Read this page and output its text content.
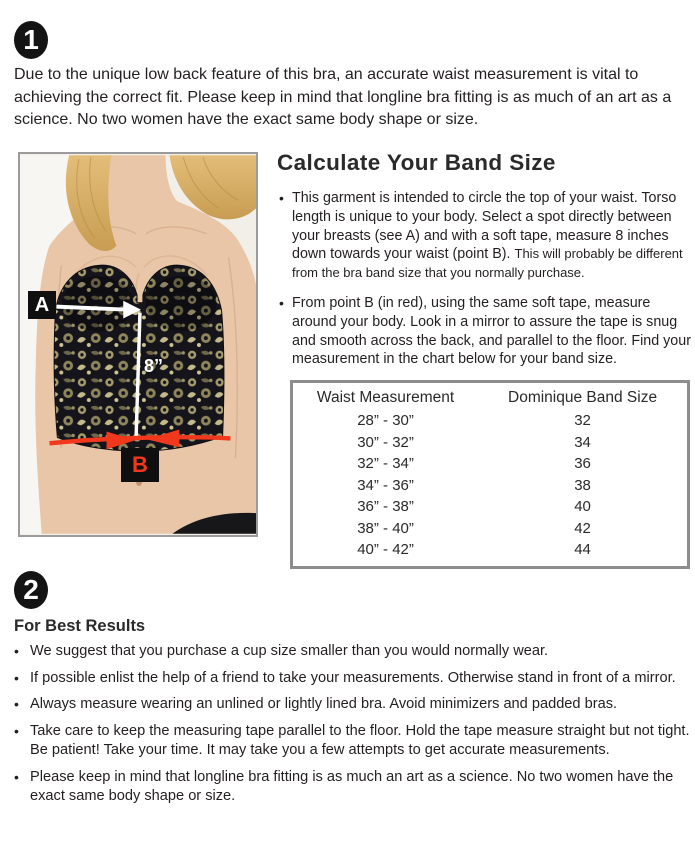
1

Due to the unique low back feature of this bra, an accurate waist measurement is vital to achieving the correct fit. Please keep in mind that longline bra fitting is as much of an art as a science. No two women have the exact same body shape or size.

A
8”
B
Calculate Your Band Size
• This garment is intended to circle the top of your waist. Torso length is unique to your body. Select a spot directly between your breasts (see A) and with a soft tape, measure 8 inches down towards your waist (point B). This will probably be different from the bra band size that you normally purchase.
• From point B (in red), using the same soft tape, measure around your body. Look in a mirror to assure the tape is snug and smooth across the back, and parallel to the floor. Find your measurement in the chart below for your band size.
Waist Measurement	Dominique Band Size
28” - 30”	32
30” - 32”	34
32” - 34”	36
34” - 36”	38
36” - 38”	40
38” - 40”	42
40” - 42”	44
2
For Best Results
• We suggest that you purchase a cup size smaller than you would normally wear.
• If possible enlist the help of a friend to take your measurements. Otherwise stand in front of a mirror.
• Always measure wearing an unlined or lightly lined bra. Avoid minimizers and padded bras.
• Take care to keep the measuring tape parallel to the floor. Hold the tape measure straight but not tight. Be patient! Take your time. It may take you a few attempts to get accurate measurements.
• Please keep in mind that longline bra fitting is as much an art as a science. No two women have the exact same body shape or size.
